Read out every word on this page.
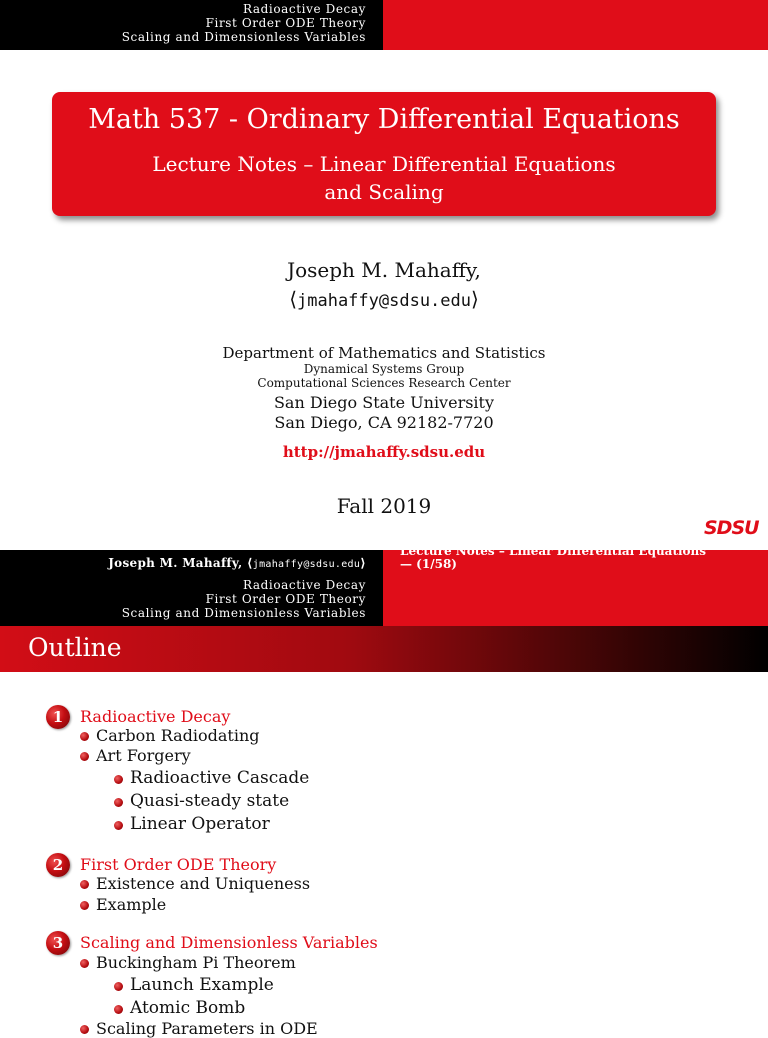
Radioactive Decay
First Order ODE Theory
Scaling and Dimensionless Variables
Math 537 - Ordinary Differential Equations
Lecture Notes – Linear Differential Equations
and Scaling
Joseph M. Mahaffy,
⟨jmahaffy@sdsu.edu⟩
Department of Mathematics and Statistics
Dynamical Systems Group
Computational Sciences Research Center
San Diego State University
San Diego, CA 92182-7720
http://jmahaffy.sdsu.edu
Fall 2019
SDSU
Joseph M. Mahaffy, ⟨jmahaffy@sdsu.edu⟩
Lecture Notes – Linear Differential Equations
— (1/58)
Radioactive Decay
First Order ODE Theory
Scaling and Dimensionless Variables
Outline
1	Radioactive Decay
Carbon Radiodating
Art Forgery
Radioactive Cascade
Quasi-steady state
Linear Operator
2	First Order ODE Theory
Existence and Uniqueness
Example
3	Scaling and Dimensionless Variables
Buckingham Pi Theorem
Launch Example
Atomic Bomb
Scaling Parameters in ODE
